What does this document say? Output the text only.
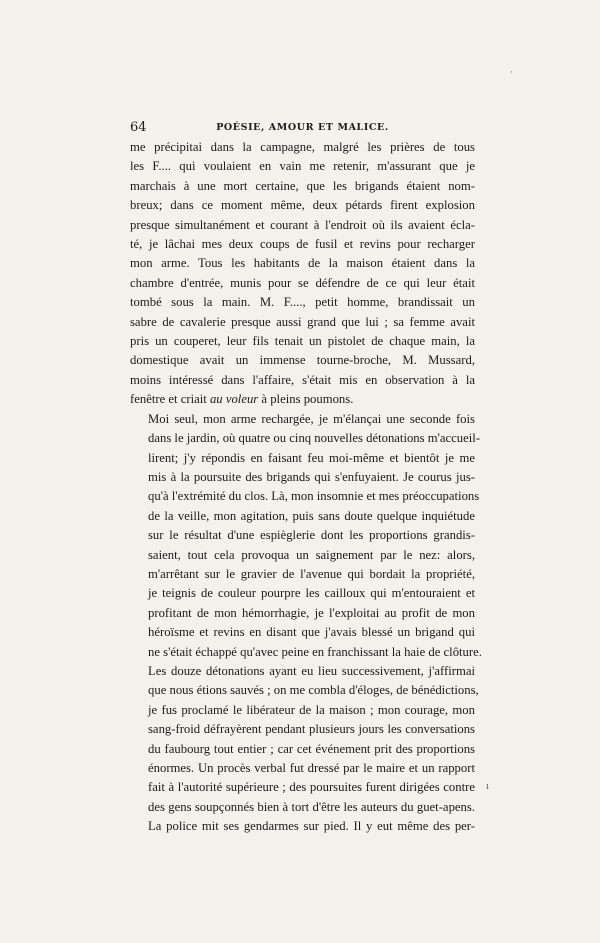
64	POÉSIE, AMOUR ET MALICE.

me précipitai dans la campagne, malgré les prières de tous
les F.... qui voulaient en vain me retenir, m'assurant que je
marchais à une mort certaine, que les brigands étaient nom-
breux; dans ce moment même, deux pétards firent explosion
presque simultanément et courant à l'endroit où ils avaient écla-
té, je lâchai mes deux coups de fusil et revins pour recharger
mon arme. Tous les habitants de la maison étaient dans la
chambre d'entrée, munis pour se défendre de ce qui leur était
tombé sous la main. M. F...., petit homme, brandissait un
sabre de cavalerie presque aussi grand que lui ; sa femme avait
pris un couperet, leur fils tenait un pistolet de chaque main, la
domestique avait un immense tourne-broche, M. Mussard,
moins intéressé dans l'affaire, s'était mis en observation à la
fenêtre et criait au voleur à pleins poumons.

Moi seul, mon arme rechargée, je m'élançai une seconde fois
dans le jardin, où quatre ou cinq nouvelles détonations m'accueil-
lirent; j'y répondis en faisant feu moi-même et bientôt je me
mis à la poursuite des brigands qui s'enfuyaient. Je courus jus-
qu'à l'extrémité du clos. Là, mon insomnie et mes préoccupations
de la veille, mon agitation, puis sans doute quelque inquiétude
sur le résultat d'une espièglerie dont les proportions grandis-
saient, tout cela provoqua un saignement par le nez: alors,
m'arrêtant sur le gravier de l'avenue qui bordait la propriété,
je teignis de couleur pourpre les cailloux qui m'entouraient et
profitant de mon hémorrhagie, je l'exploitai au profit de mon
héroïsme et revins en disant que j'avais blessé un brigand qui
ne s'était échappé qu'avec peine en franchissant la haie de clôture.
Les douze détonations ayant eu lieu successivement, j'affirmai
que nous étions sauvés ; on me combla d'éloges, de bénédictions,
je fus proclamé le libérateur de la maison ; mon courage, mon
sang-froid défrayèrent pendant plusieurs jours les conversations
du faubourg tout entier ; car cet événement prit des proportions
énormes. Un procès verbal fut dressé par le maire et un rapport
fait à l'autorité supérieure ; des poursuites furent dirigées contre
des gens soupçonnés bien à tort d'être les auteurs du guet-apens.
La police mit ses gendarmes sur pied. Il y eut même des per-

·
ı
